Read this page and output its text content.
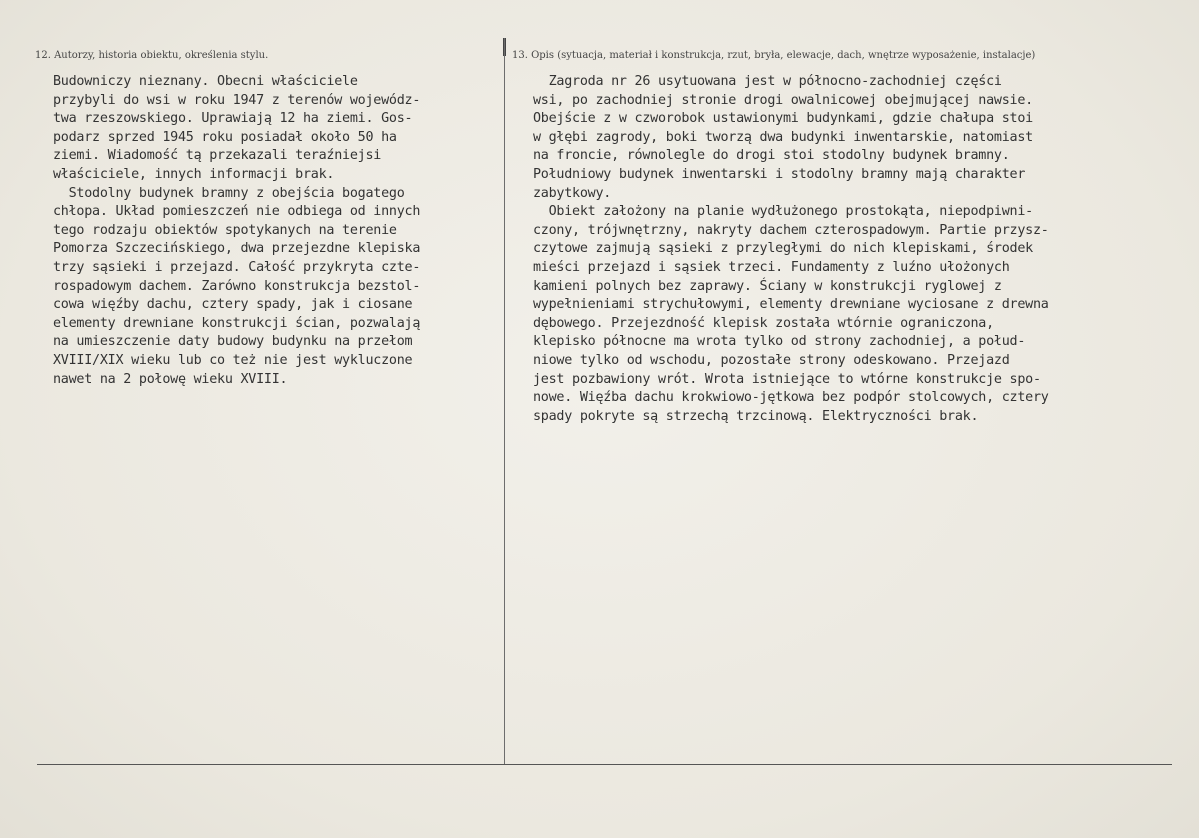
12. Autorzy, historia obiektu, określenia stylu.	13. Opis (sytuacja, materiał i konstrukcja, rzut, bryła, elewacje, dach, wnętrze wyposażenie, instalacje)
Budowniczy nieznany. Obecni właściciele
przybyli do wsi w roku 1947 z terenów wojewódz-
twa rzeszowskiego. Uprawiają 12 ha ziemi. Gos-
podarz sprzed 1945 roku posiadał około 50 ha
ziemi. Wiadomość tą przekazali teraźniejsi
właściciele, innych informacji brak.
Stodolny budynek bramny z obejścia bogatego
chłopa. Układ pomieszczeń nie odbiega od innych
tego rodzaju obiektów spotykanych na terenie
Pomorza Szczecińskiego, dwa przejezdne klepiska
trzy sąsieki i przejazd. Całość przykryta czte-
rospadowym dachem. Zarówno konstrukcja bezstol-
cowa więźby dachu, cztery spady, jak i ciosane
elementy drewniane konstrukcji ścian, pozwalają
na umieszczenie daty budowy budynku na przełom
XVIII/XIX wieku lub co też nie jest wykluczone
nawet na 2 połowę wieku XVIII.
Zagroda nr 26 usytuowana jest w północno-zachodniej części
wsi, po zachodniej stronie drogi owalnicowej obejmującej nawsie.
Obejście z w czworobok ustawionymi budynkami, gdzie chałupa stoi
w głębi zagrody, boki tworzą dwa budynki inwentarskie, natomiast
na froncie, równolegle do drogi stoi stodolny budynek bramny.
Południowy budynek inwentarski i stodolny bramny mają charakter
zabytkowy.
Obiekt założony na planie wydłużonego prostokąta, niepodpiwni-
czony, trójwnętrzny, nakryty dachem czterospadowym. Partie przysz-
czytowe zajmują sąsieki z przyległymi do nich klepiskami, środek
mieści przejazd i sąsiek trzeci. Fundamenty z luźno ułożonych
kamieni polnych bez zaprawy. Ściany w konstrukcji ryglowej z
wypełnieniami strychułowymi, elementy drewniane wyciosane z drewna
dębowego. Przejezdność klepisk została wtórnie ograniczona,
klepisko północne ma wrota tylko od strony zachodniej, a połud-
niowe tylko od wschodu, pozostałe strony odeskowano. Przejazd
jest pozbawiony wrót. Wrota istniejące to wtórne konstrukcje spo-
nowe. Więźba dachu krokwiowo-jętkowa bez podpór stolcowych, cztery
spady pokryte są strzechą trzcinową. Elektryczności brak.
